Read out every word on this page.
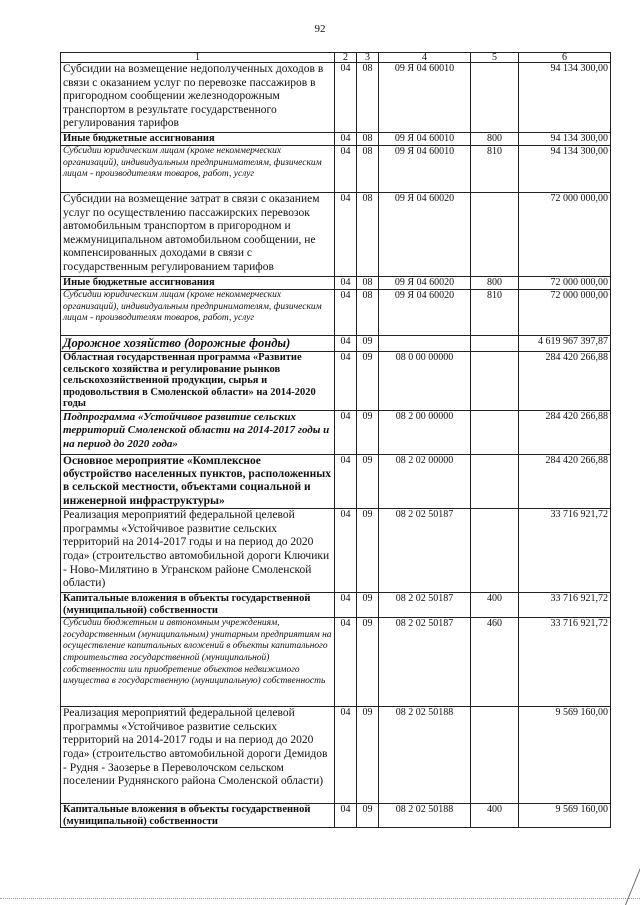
92
1	2	3	4	5	6
Субсидии на возмещение недополученных доходов в связи с оказанием услуг по перевозке пассажиров в пригородном сообщении железнодорожным транспортом в результате государственного регулирования тарифов	04	08	09 Я 04 60010		94 134 300,00
Иные бюджетные ассигнования	04	08	09 Я 04 60010	800	94 134 300,00
Субсидии юридическим лицам (кроме некоммерческих организаций), индивидуальным предпринимателям, физическим лицам - производителям товаров, работ, услуг	04	08	09 Я 04 60010	810	94 134 300,00
Субсидии на возмещение затрат в связи с оказанием услуг по осуществлению пассажирских перевозок автомобильным транспортом в пригородном и межмуниципальном автомобильном сообщении, не компенсированных доходами в связи с государственным регулированием тарифов	04	08	09 Я 04 60020		72 000 000,00
Иные бюджетные ассигнования	04	08	09 Я 04 60020	800	72 000 000,00
Субсидии юридическим лицам (кроме некоммерческих организаций), индивидуальным предпринимателям, физическим лицам - производителям товаров, работ, услуг	04	08	09 Я 04 60020	810	72 000 000,00
Дорожное хозяйство (дорожные фонды)	04	09			4 619 967 397,87
Областная государственная программа «Развитие сельского хозяйства и регулирование рынков сельскохозяйственной продукции, сырья и продовольствия в Смоленской области» на 2014-2020 годы	04	09	08 0 00 00000		284 420 266,88
Подпрограмма «Устойчивое развитие сельских территорий Смоленской области на 2014-2017 годы и на период до 2020 года»	04	09	08 2 00 00000		284 420 266,88
Основное мероприятие «Комплексное обустройство населенных пунктов, расположенных в сельской местности, объектами социальной и инженерной инфраструктуры»	04	09	08 2 02 00000		284 420 266,88
Реализация мероприятий федеральной целевой программы «Устойчивое развитие сельских территорий на 2014-2017 годы и на период до 2020 года» (строительство автомобильной дороги Ключики - Ново-Милятино в Угранском районе Смоленской области)	04	09	08 2 02 50187		33 716 921,72
Капитальные вложения в объекты государственной (муниципальной) собственности	04	09	08 2 02 50187	400	33 716 921,72
Субсидии бюджетным и автономным учреждениям, государственным (муниципальным) унитарным предприятиям на осуществление капитальных вложений в объекты капитального строительства государственной (муниципальной) собственности или приобретение объектов недвижимого имущества в государственную (муниципальную) собственность	04	09	08 2 02 50187	460	33 716 921,72
Реализация мероприятий федеральной целевой программы «Устойчивое развитие сельских территорий на 2014-2017 годы и на период до 2020 года» (строительство автомобильной дороги Демидов - Рудня - Заозерье в Переволочском сельском поселении Руднянского района Смоленской области)	04	09	08 2 02 50188		9 569 160,00
Капитальные вложения в объекты государственной (муниципальной) собственности	04	09	08 2 02 50188	400	9 569 160,00
